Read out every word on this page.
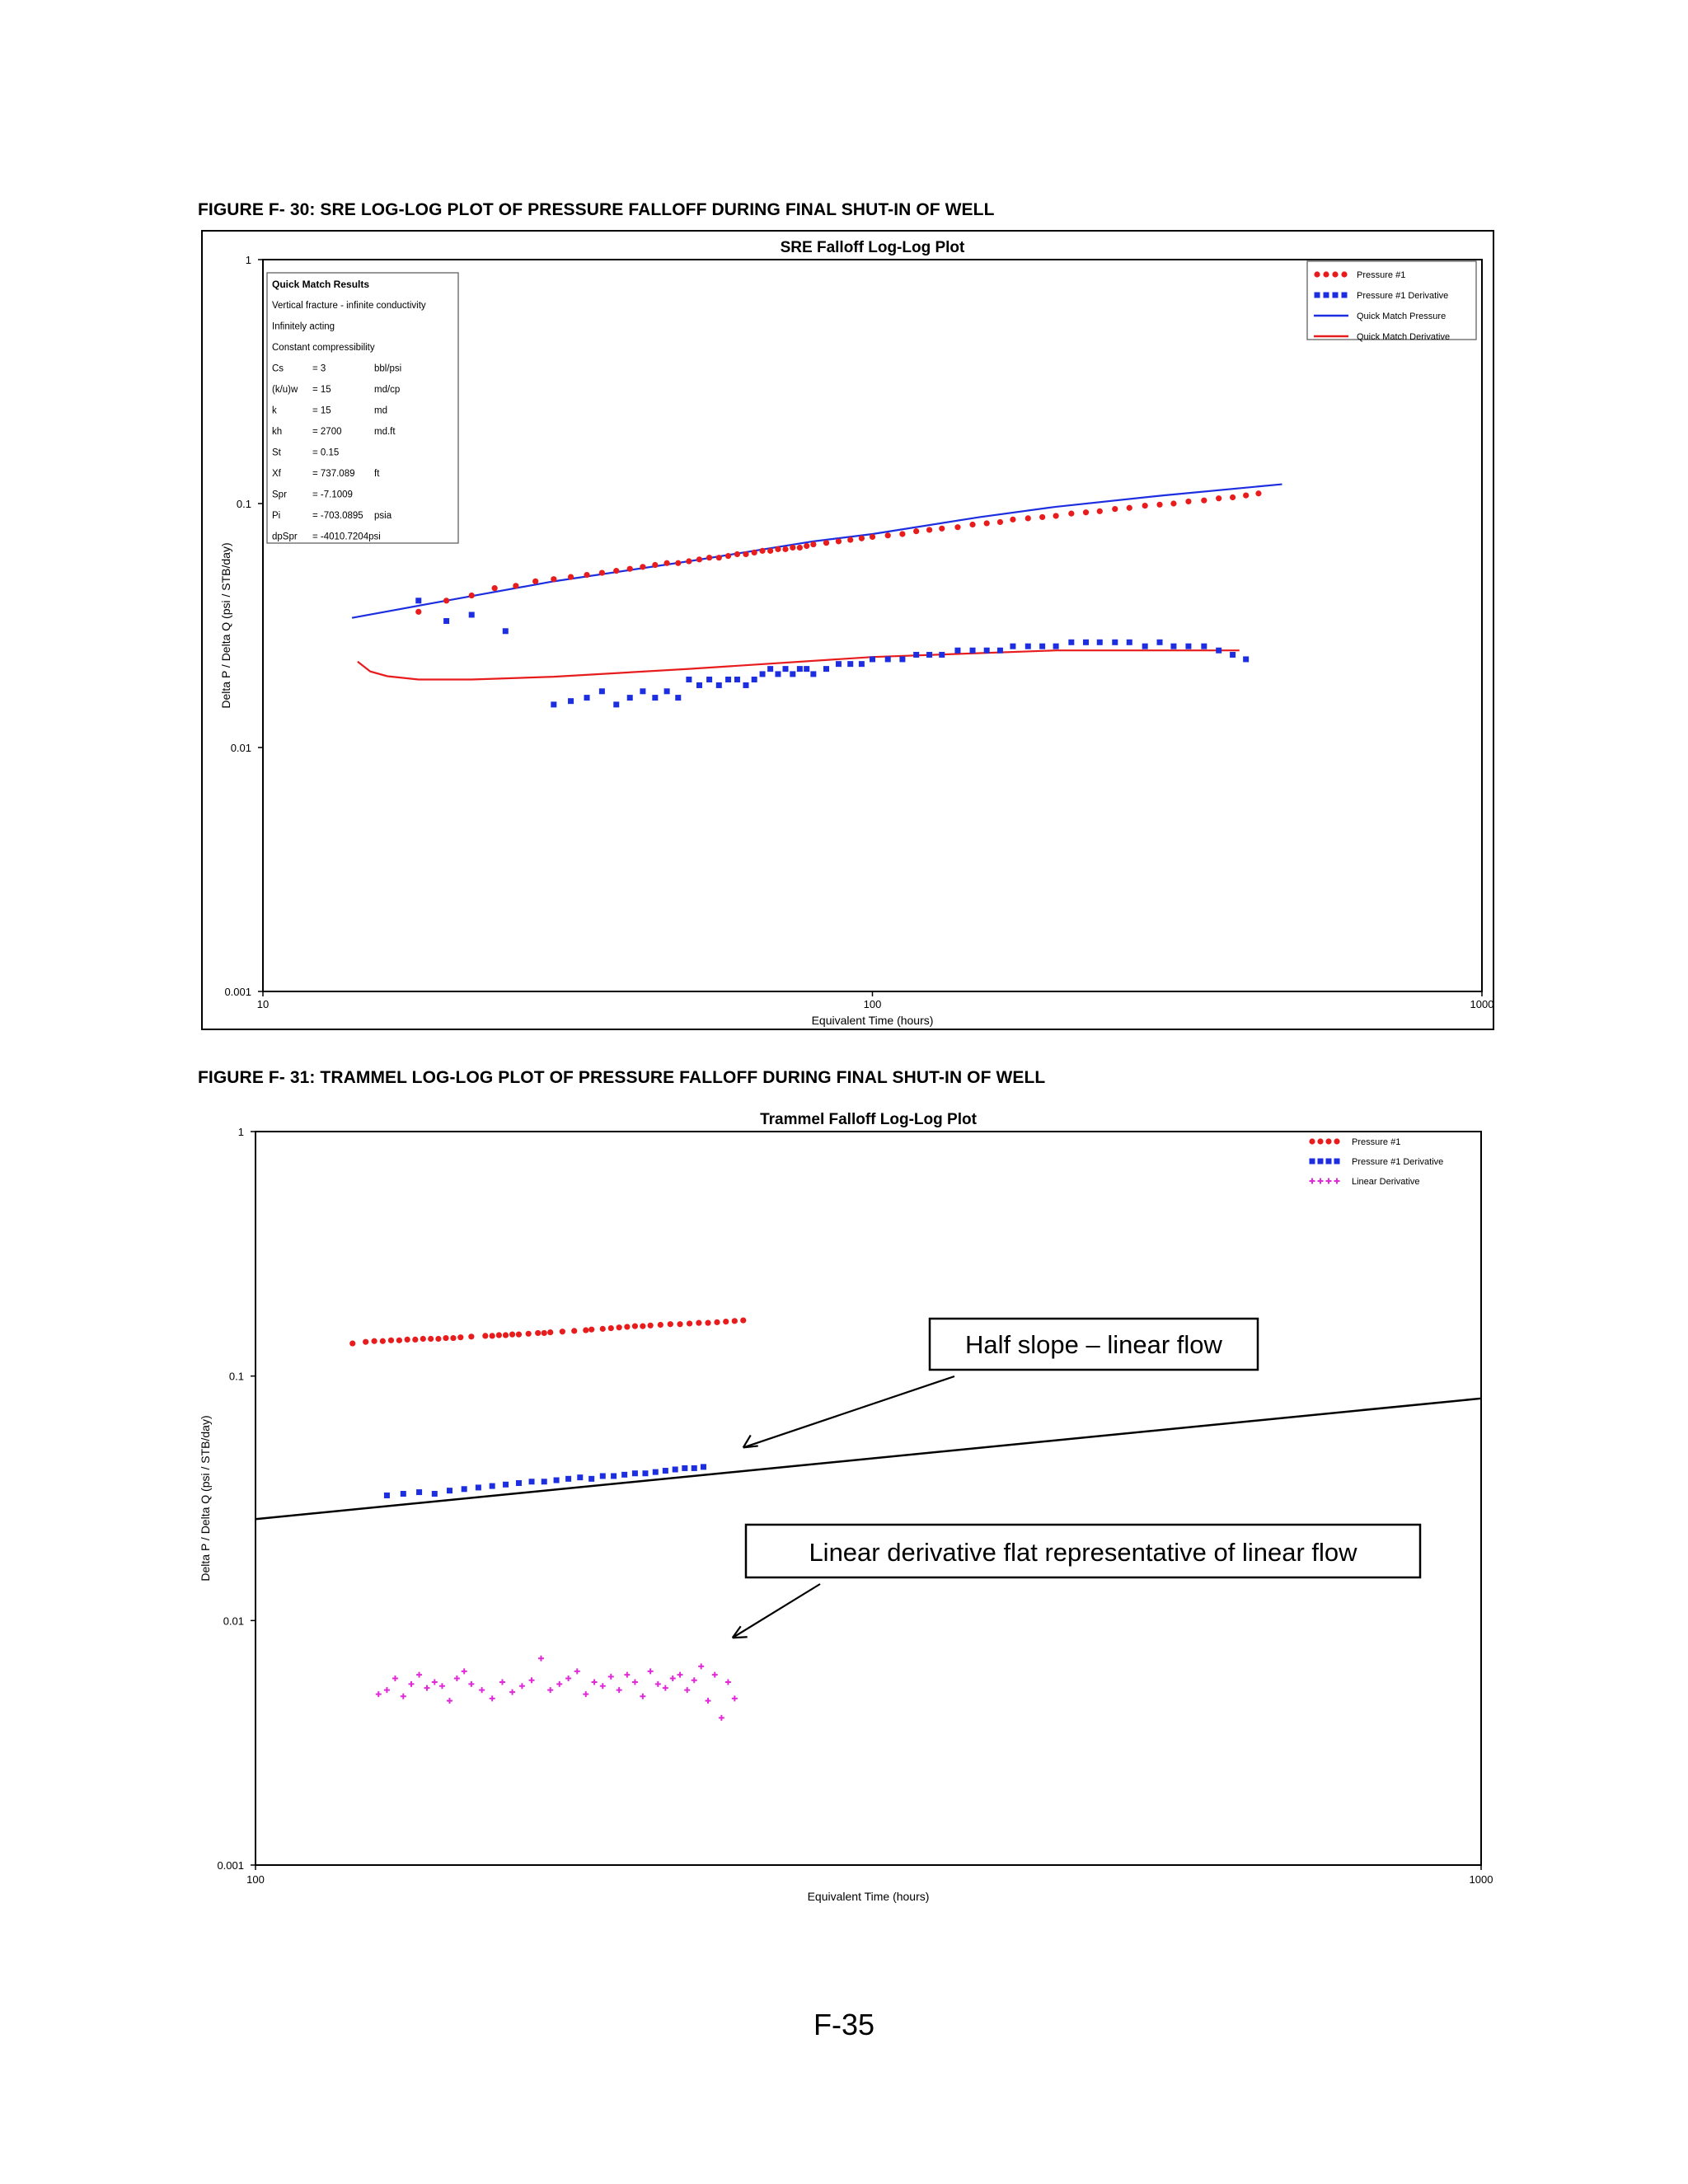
FIGURE F- 30: SRE LOG-LOG PLOT OF PRESSURE FALLOFF DURING FINAL SHUT-IN OF WELL
SRE Falloff Log-Log Plot
1
0.1
0.01
0.001
10	100	1000
Equivalent Time (hours)
Delta P / Delta Q (psi / STB/day)
Quick Match Results
Vertical fracture - infinite conductivity
Infinitely acting
Constant compressibility
Cs	= 3	bbl/psi
(k/u)w = 15	md/cp
k	= 15	md
kh	= 2700	md.ft
St	= 0.15
Xf	= 737.089 ft
Spr	= -7.1009
Pi	= -703.0895 psia
dpSpr = -4010.7204psi
Pressure #1
Pressure #1 Derivative
Quick Match Pressure
Quick Match Derivative
FIGURE F- 31: TRAMMEL LOG-LOG PLOT OF PRESSURE FALLOFF DURING FINAL SHUT-IN OF WELL
Trammel Falloff Log-Log Plot
1
0.1
0.01
0.001
100	1000
Equivalent Time (hours)
Delta P / Delta Q (psi / STB/day)
Pressure #1
Pressure #1 Derivative
Linear Derivative
Half slope – linear flow
Linear derivative flat representative of linear flow
F-35
